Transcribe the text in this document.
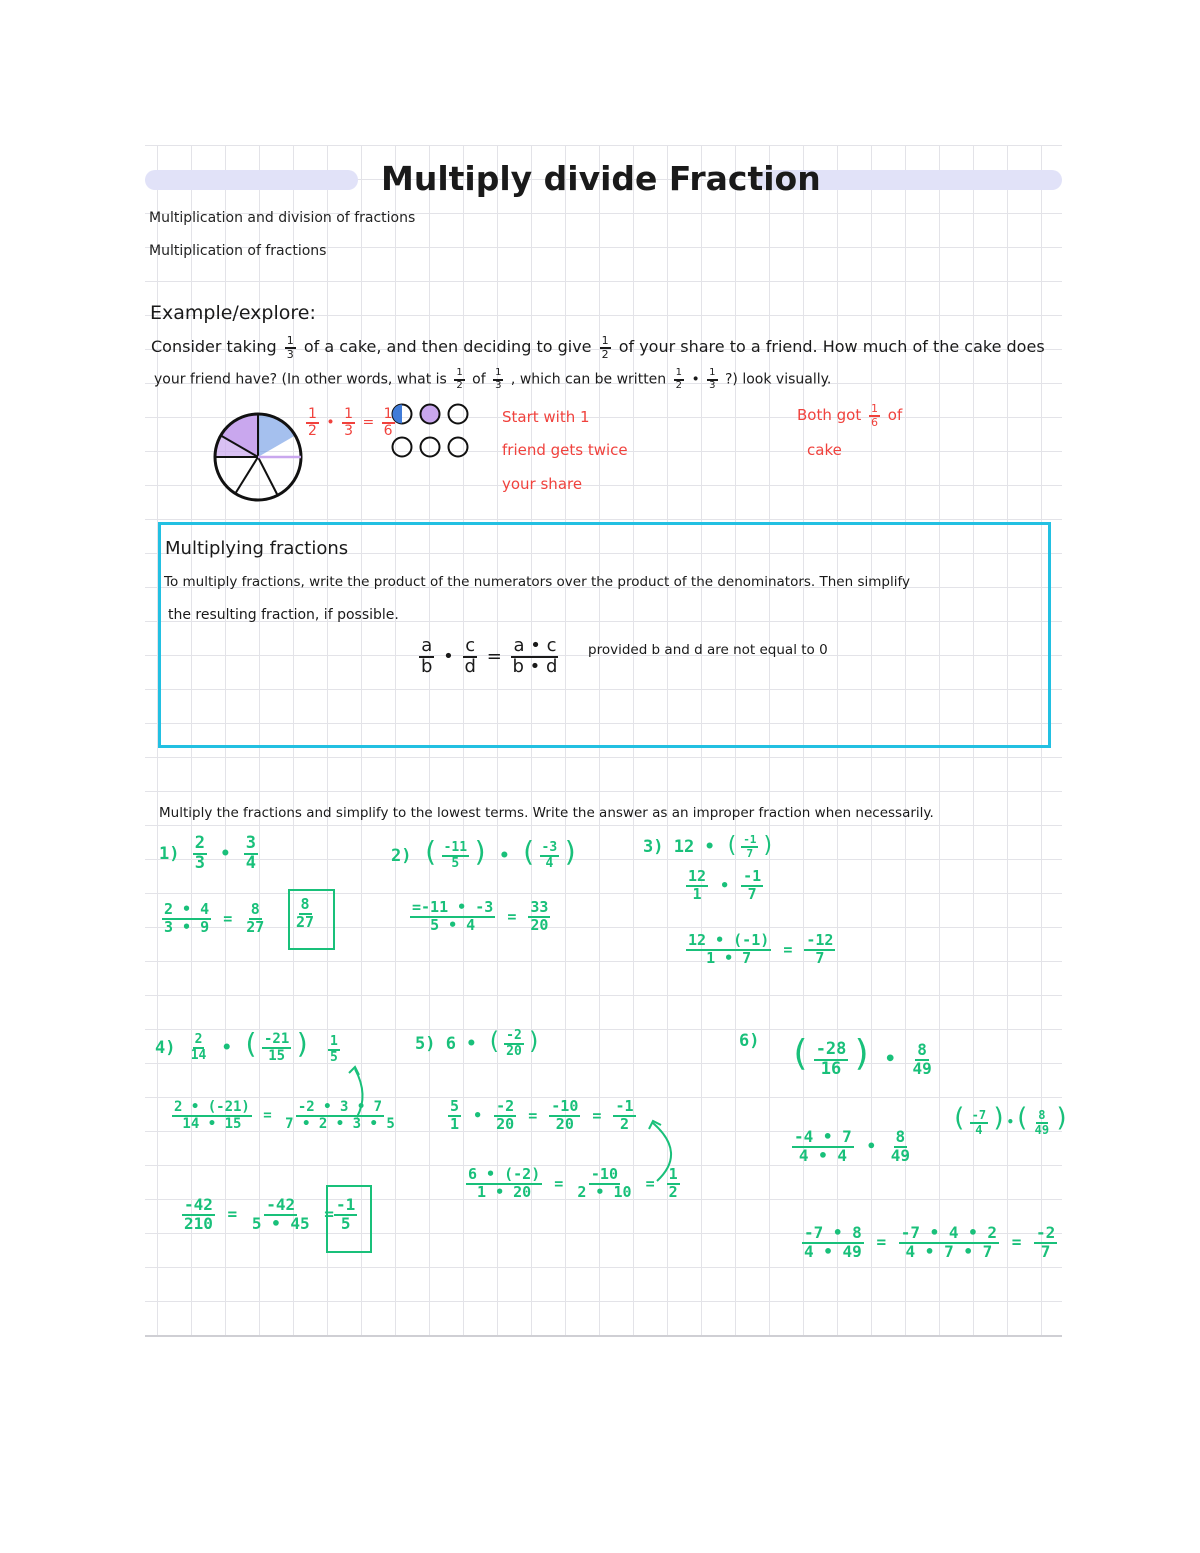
Multiply divide Fraction
Multiplication and division of fractions
Multiplication of fractions
Example/explore:
Consider taking $\frac{1}{3}$ of a cake, and then deciding to give $\frac{1}{2}$ of your share to a friend. How much of the cake does
your friend have? (In other words, what is $\frac{1}{2}$ of $\frac{1}{3}$ , which can be written $\frac{1}{2}$ • $\frac{1}{3}$ ?) look visually.
$\frac{1}{2}$ • $\frac{1}{3} = \frac{1}{6}$	Start with 1
friend gets twice
your share
Both got $\frac{1}{6}$ of
cake
Multiplying fractions
To multiply fractions, write the product of the numerators over the product of the denominators. Then simplify
the resulting fraction, if possible.
$\frac{a}{b}$ • $\frac{c}{d} = \frac{a • c}{b • d}$ provided b and d are not equal to 0
Multiply the fractions and simplify to the lowest terms. Write the answer as an improper fraction when necessarily.
$1) \frac{2}{3}$ • $\frac{3}{4}$
$\frac{2 • 4}{3 • 9} = \frac{8}{27} \frac{8}{27}$
2) ( $\frac{-11}{5}$ ) • ( $\frac{-3}{4}$ )
$\frac{=-11 • -3}{5 • 4} = \frac{33}{20}$
3) 12 • ( $\frac{-1}{7}$ )
$\frac{12}{1}$ • $\frac{-1}{7}$
$\frac{12 • (-1)}{1 • 7} = \frac{-12}{7}$
$4) \frac{2}{14}$ • ( $\frac{-21}{15}$ ) $\frac{1}{5}$
$\frac{2 • (-21)}{14 • 15} = \frac{-2 • 3 • 7}{7 • 2 • 3 • 5}$
$\frac{-42}{210} = \frac{-42}{5 • 45} = \frac{-1}{5}$
5) 6 • ( $\frac{-2}{20}$ )
$\frac{5}{1}$ • $\frac{-2}{20} = \frac{-10}{20} = \frac{-1}{2}$
$\frac{6 • (-2)}{1 • 20} = \frac{-10}{2 • 10} = \frac{1}{2}$
6) ( $\frac{-28}{16}$ ) • $\frac{8}{49}$
( $\frac{-7}{4}$ )•( $\frac{8}{49}$ )
$\frac{-4 • 7}{4 • 4}$ • $\frac{8}{49}$
$\frac{-7 • 8}{4 • 49} = \frac{-7 • 4 • 2}{4 • 7 • 7} = \frac{-2}{7}$
